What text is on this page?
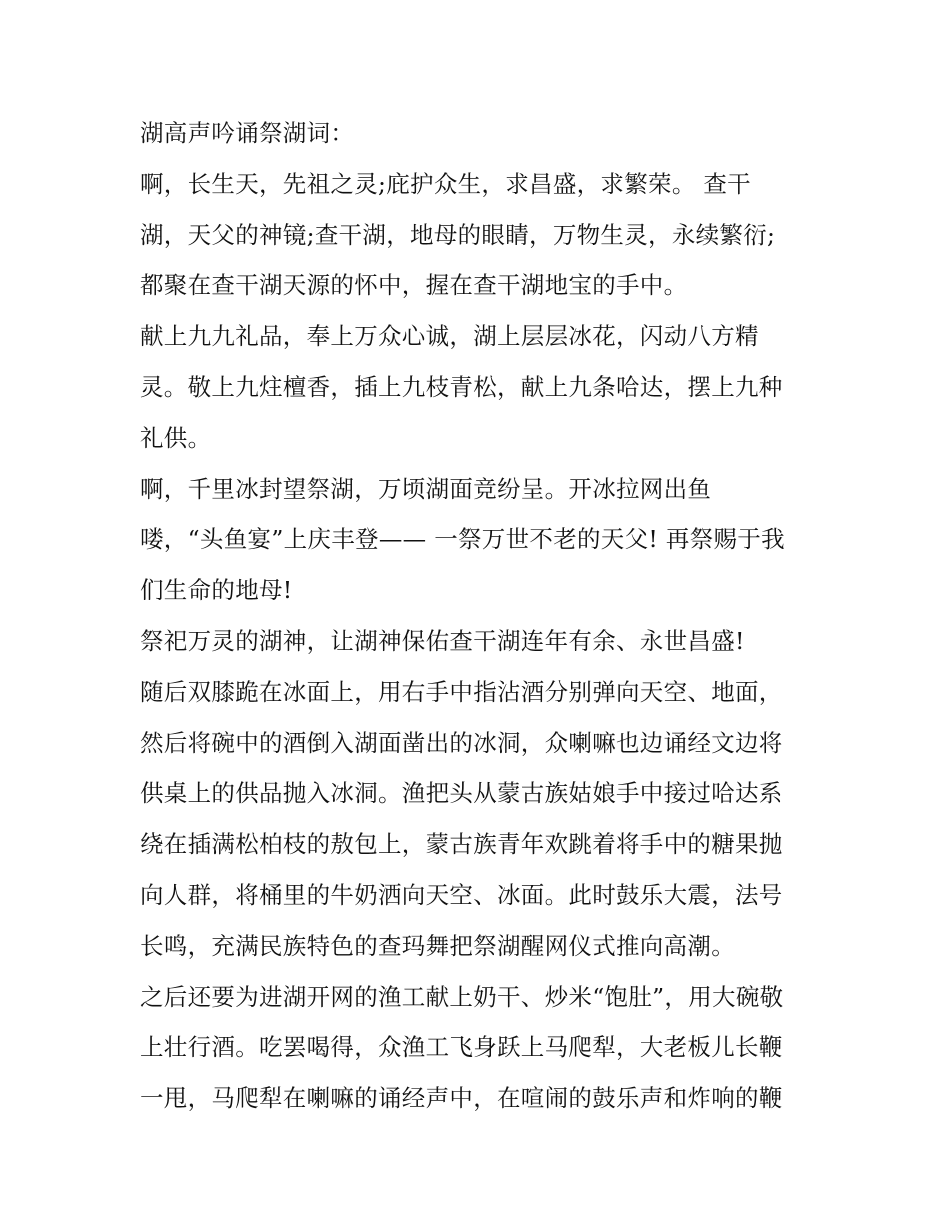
湖高声吟诵祭湖词：
啊，长生天，先祖之灵;庇护众生，求昌盛，求繁荣。 查干
湖，天父的神镜;查干湖，地母的眼睛，万物生灵，永续繁衍;
都聚在查干湖天源的怀中，握在查干湖地宝的手中。
献上九九礼品，奉上万众心诚，湖上层层冰花，闪动八方精
灵。敬上九炷檀香，插上九枝青松，献上九条哈达，摆上九种
礼供。
啊，千里冰封望祭湖，万顷湖面竞纷呈。开冰拉网出鱼
喽，“头鱼宴”上庆丰登—— 一祭万世不老的天父! 再祭赐于我
们生命的地母!
祭祀万灵的湖神，让湖神保佑查干湖连年有余、永世昌盛!
随后双膝跪在冰面上，用右手中指沾酒分别弹向天空、地面，
然后将碗中的酒倒入湖面凿出的冰洞，众喇嘛也边诵经文边将
供桌上的供品抛入冰洞。渔把头从蒙古族姑娘手中接过哈达系
绕在插满松柏枝的敖包上，蒙古族青年欢跳着将手中的糖果抛
向人群，将桶里的牛奶洒向天空、冰面。此时鼓乐大震，法号
长鸣，充满民族特色的查玛舞把祭湖醒网仪式推向高潮。
之后还要为进湖开网的渔工献上奶干、炒米“饱肚”，用大碗敬
上壮行酒。吃罢喝得，众渔工飞身跃上马爬犁，大老板儿长鞭
一甩，马爬犁在喇嘛的诵经声中，在喧闹的鼓乐声和炸响的鞭
